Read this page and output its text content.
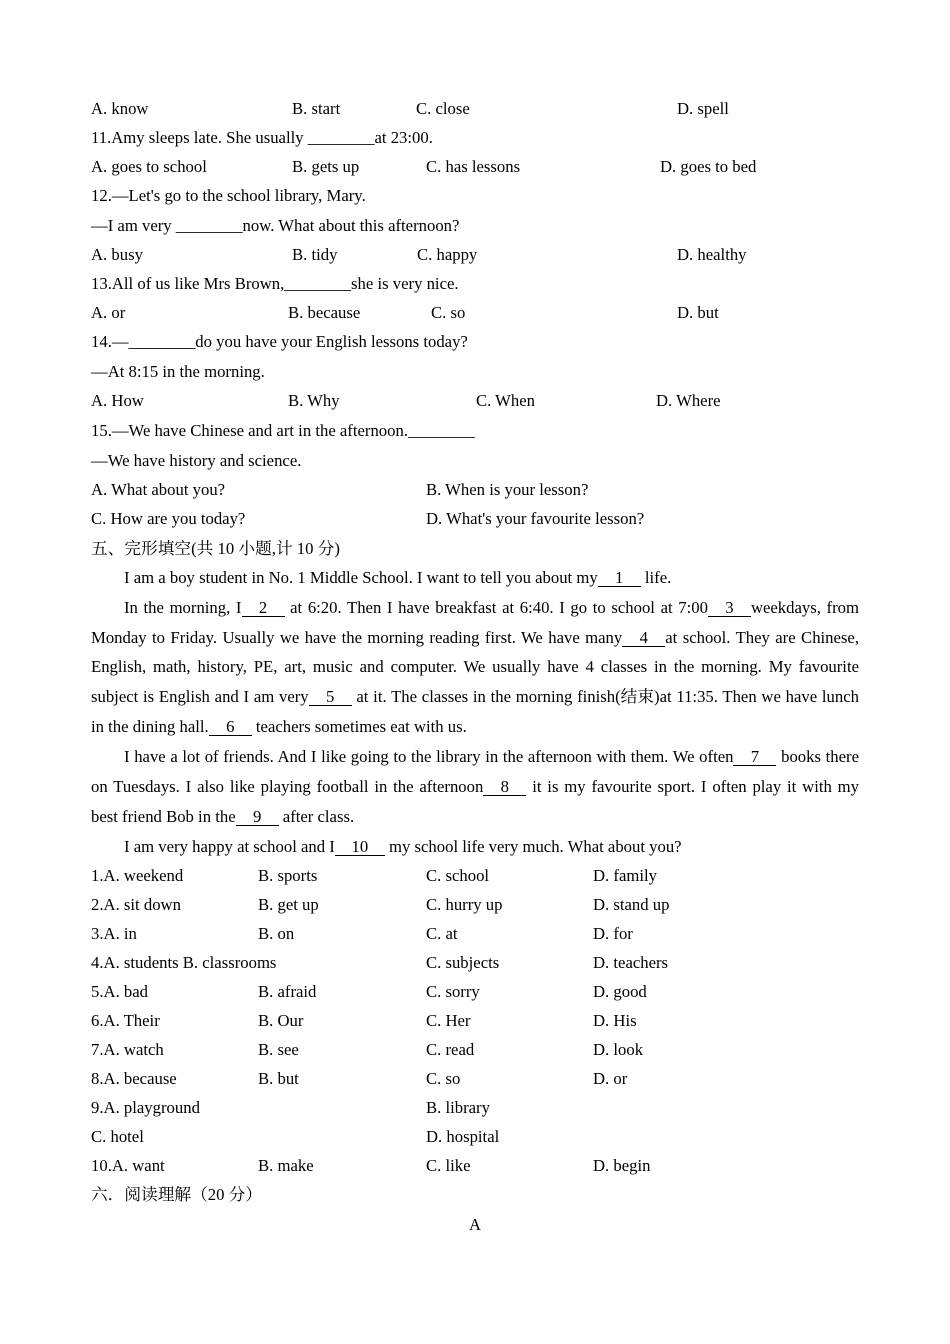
A. know	B. start	C. close	D. spell
11.Amy sleeps late. She usually ________at 23:00.
A. goes to school	B. gets up	C. has lessons	D. goes to bed
12.—Let's go to the school library, Mary.
—I am very ________now. What about this afternoon?
A. busy	B. tidy	C. happy	D. healthy
13.All of us like Mrs Brown,________she is very nice.
A. or	B. because	C. so	D. but
14.—________do you have your English lessons today?
—At 8:15 in the morning.
A. How	B. Why	C. When	D. Where
15.—We have Chinese and art in the afternoon.________
—We have history and science.
A. What about you?	B. When is your lesson?
C. How are you today?	D. What's your favourite lesson?
五、完形填空(共 10 小题,计 10 分)
I am a boy student in No. 1 Middle School. I want to tell you about my 1 life.
In the morning, I 2 at 6:20. Then I have breakfast at 6:40. I go to school at 7:00 3 weekdays, from
Monday to Friday. Usually we have the morning reading first. We have many 4 at school. They are Chinese,
English, math, history, PE, art, music and computer. We usually have 4 classes in the morning. My favourite
subject is English and I am very 5 at it. The classes in the morning finish(结束)at 11:35. Then we have lunch
in the dining hall. 6 teachers sometimes eat with us.
I have a lot of friends. And I like going to the library in the afternoon with them. We often 7 books there
on Tuesdays. I also like playing football in the afternoon 8 it is my favourite sport. I often play it with my
best friend Bob in the 9 after class.
I am very happy at school and I 10 my school life very much. What about you?
1.A. weekend	B. sports	C. school	D. family
2.A. sit down	B. get up	C. hurry up	D. stand up
3.A. in	B. on	C. at	D. for
4.A. students B. classrooms	C. subjects	D. teachers
5.A. bad	B. afraid	C. sorry	D. good
6.A. Their	B. Our	C. Her	D. His
7.A. watch	B. see	C. read	D. look
8.A. because	B. but	C. so	D. or
9.A. playground	B. library
C. hotel	D. hospital
10.A. want	B. make	C. like	D. begin
六．阅读理解（20 分）
A
